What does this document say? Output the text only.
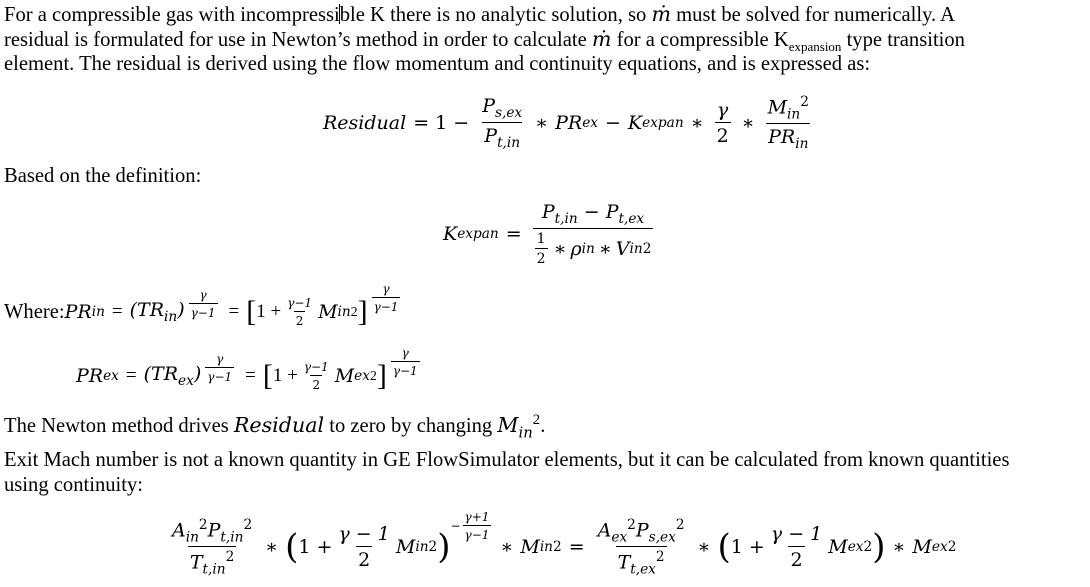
For a compressible gas with incompressible K there is no analytic solution, so ṁ must be solved for numerically. A

residual is formulated for use in Newton’s method in order to calculate ṁ for a compressible $K_{expansion}$ type transition

element. The residual is derived using the flow momentum and continuity equations, and is expressed as:

Residual = $1 - \frac{P_{s,ex}}{P_{t,in}}$ ∗ PR ex − K expan ∗ $\frac{\gamma}{2}$ ∗ $\frac{M_{in}^2}{PR_{in}}$

Based on the definition:

K expan = $\frac{P_{t,in} - P_{t,ex}}{\frac{1}{2} ∗ \rho in ∗ V in 2}$
Where: PR in = $(TR_{in}) \frac{\gamma}{\gamma-1}$ = [ $1 + \frac{\gamma-1}{2}$ M in 2 ] $\frac{\gamma}{\gamma-1}$
PR ex = $(TR_{ex}) \frac{\gamma}{\gamma-1}$ = [ $1 + \frac{\gamma-1}{2}$ M ex 2 ] $\frac{\gamma}{\gamma-1}$

The Newton method drives Residual to zero by changing $M_{in}^2$.

Exit Mach number is not a known quantity in GE FlowSimulator elements, but it can be calculated from known quantities

using continuity:

$\frac{A_{in}^2P_{t,in}^2}{T_{t,in}^2}$ ∗ ( $1 + \frac{\gamma - 1}{2}$ M in 2 )
− $\frac{\gamma+1}{\gamma-1}$
∗ M in $2 = \frac{A_{ex}^2P_{s,ex}^2}{T_{t,ex}^2}$ ∗ ( $1 + \frac{\gamma - 1}{2}$ M ex 2 ) ∗ M ex 2
